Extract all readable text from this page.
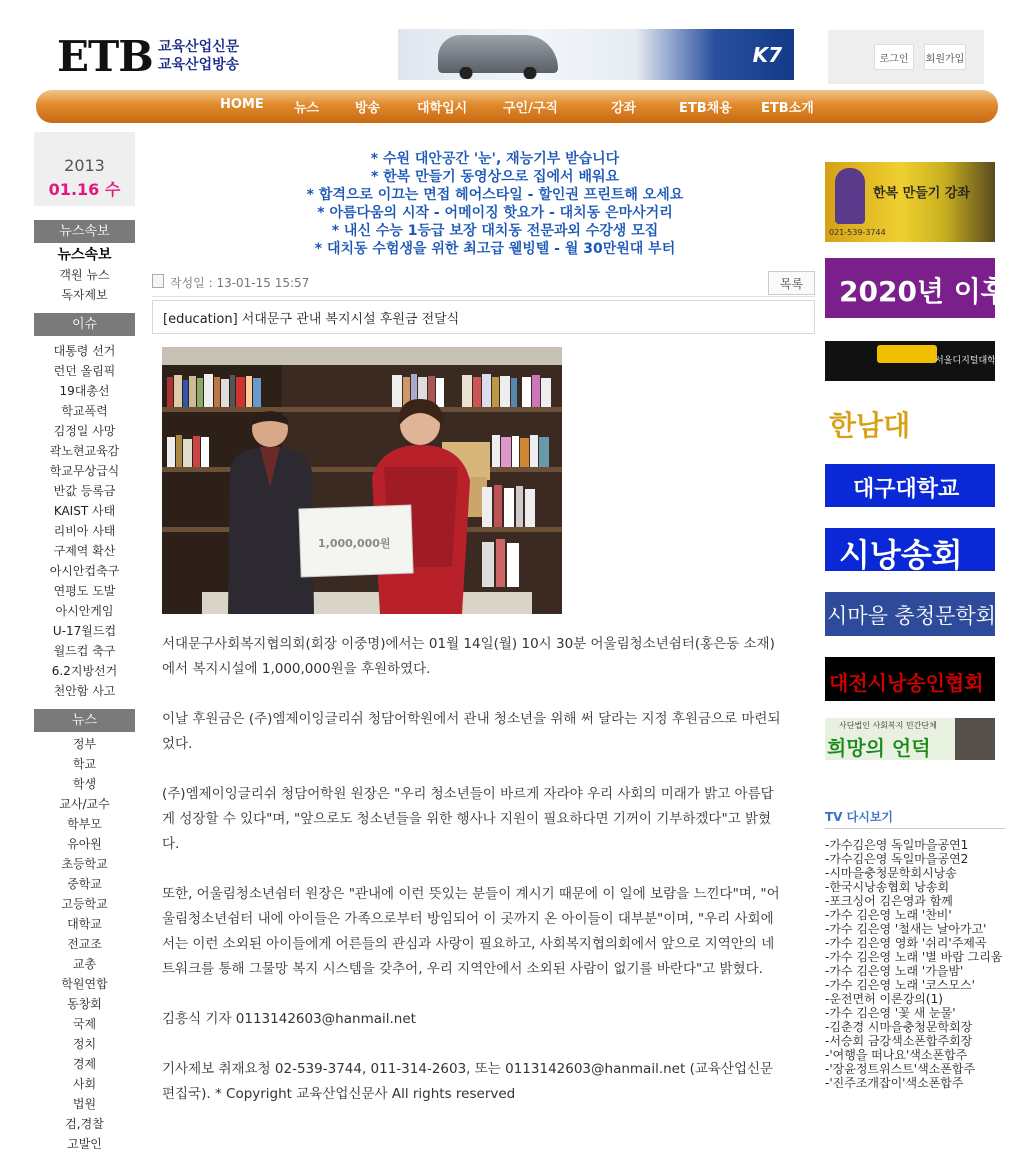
ETB 교육산업신문
교육산업방송	K7	로그인	회원가입
HOME 뉴스	방송	대학입시	구인/구직	강좌	ETB채용 ETB소개
2013
01.16 수
뉴스속보
뉴스속보
객원 뉴스
독자제보
이슈
대통령 선거
런던 올림픽
19대총선
학교폭력
김정일 사망
곽노현교육감
학교무상급식
반값 등록금
KAIST 사태
리비아 사태
구제역 확산
아시안컵축구
연평도 도발
아시안게임
U-17월드컵
월드컵 축구
6.2지방선거
천안함 사고
뉴스
정부
학교
학생
교사/교수
학부모
유아원
초등학교
중학교
고등학교
대학교
전교조
교총
학원연합
동창회
국제
정치
경제
사회
법원
검,경찰
고발인
* 수원 대안공간 '눈', 재능기부 받습니다
* 한복 만들기 동영상으로 집에서 배워요
* 합격으로 이끄는 면접 헤어스타일 - 할인권 프린트해 오세요
* 아름다움의 시작 - 어메이징 핫요가 - 대치동 은마사거리
* 내신 수능 1등급 보장 대치동 전문과외 수강생 모집
* 대치동 수험생을 위한 최고급 웰빙텔 - 월 30만원대 부터
작성일 : 13-01-15 15:57	목록
[education] 서대문구 관내 복지시설 후원금 전달식
1,000,000원

서대문구사회복지협의회(회장 이중명)에서는 01월 14일(월) 10시 30분 어울림청소년쉼터(홍은동 소재)에서 복지시설에 1,000,000원을 후원하였다.

이날 후원금은 (주)엠제이잉글리쉬 청담어학원에서 관내 청소년을 위해 써 달라는 지정 후원금으로 마련되었다.

(주)엠제이잉글리쉬 청담어학원 원장은 "우리 청소년들이 바르게 자라야 우리 사회의 미래가 밝고 아름답게 성장할 수 있다"며, "앞으로도 청소년들을 위한 행사나 지원이 필요하다면 기꺼이 기부하겠다"고 밝혔다.

또한, 어울림청소년쉼터 원장은 "관내에 이런 뜻있는 분들이 계시기 때문에 이 일에 보람을 느낀다"며, "어울림청소년쉼터 내에 아이들은 가족으로부터 방임되어 이 곳까지 온 아이들이 대부분"이며, "우리 사회에서는 이런 소외된 아이들에게 어른들의 관심과 사랑이 필요하고, 사회복지협의회에서 앞으로 지역안의 네트워크를 통해 그물망 복지 시스템을 갖추어, 우리 지역안에서 소외된 사람이 없기를 바란다"고 밝혔다.

김흥식 기자 0113142603@hanmail.net

기사제보 취재요청 02-539-3744, 011-314-2603, 또는 0113142603@hanmail.net (교육산업신문 편집국). * Copyright 교육산업신문사 All rights reserved

한복 만들기 강좌
021-539-3744
2020년 이후
서울디지털대학교
한남대
대구대학교
시낭송회
시마을 충청문학회
대전시낭송인협회
사단법인 사회복지 민간단체
희망의 언덕
TV 다시보기
-가수김은영 독일마을공연1
-가수김은영 독일마을공연2
-시마을충청문학회시낭송
-한국시낭송협회 낭송회
-포크싱어 김은영과 함께
-가수 김은영 노래 '찬비'
-가수 김은영 '철새는 날아가고'
-가수 김은영 영화 '쉬리'주제곡
-가수 김은영 노래 '별 바람 그리움
-가수 김은영 노래 '가을밤'
-가수 김은영 노래 '코스모스'
-운전면허 이론강의(1)
-가수 김은영 '꽃 새 눈물'
-김춘경 시마을충청문학회장
-서승회 금강색소폰합주회장
-'여행을 떠나요'색소폰합주
-'장윤정트위스트'색소폰합주
-'진주조개잡이'색소폰합주
